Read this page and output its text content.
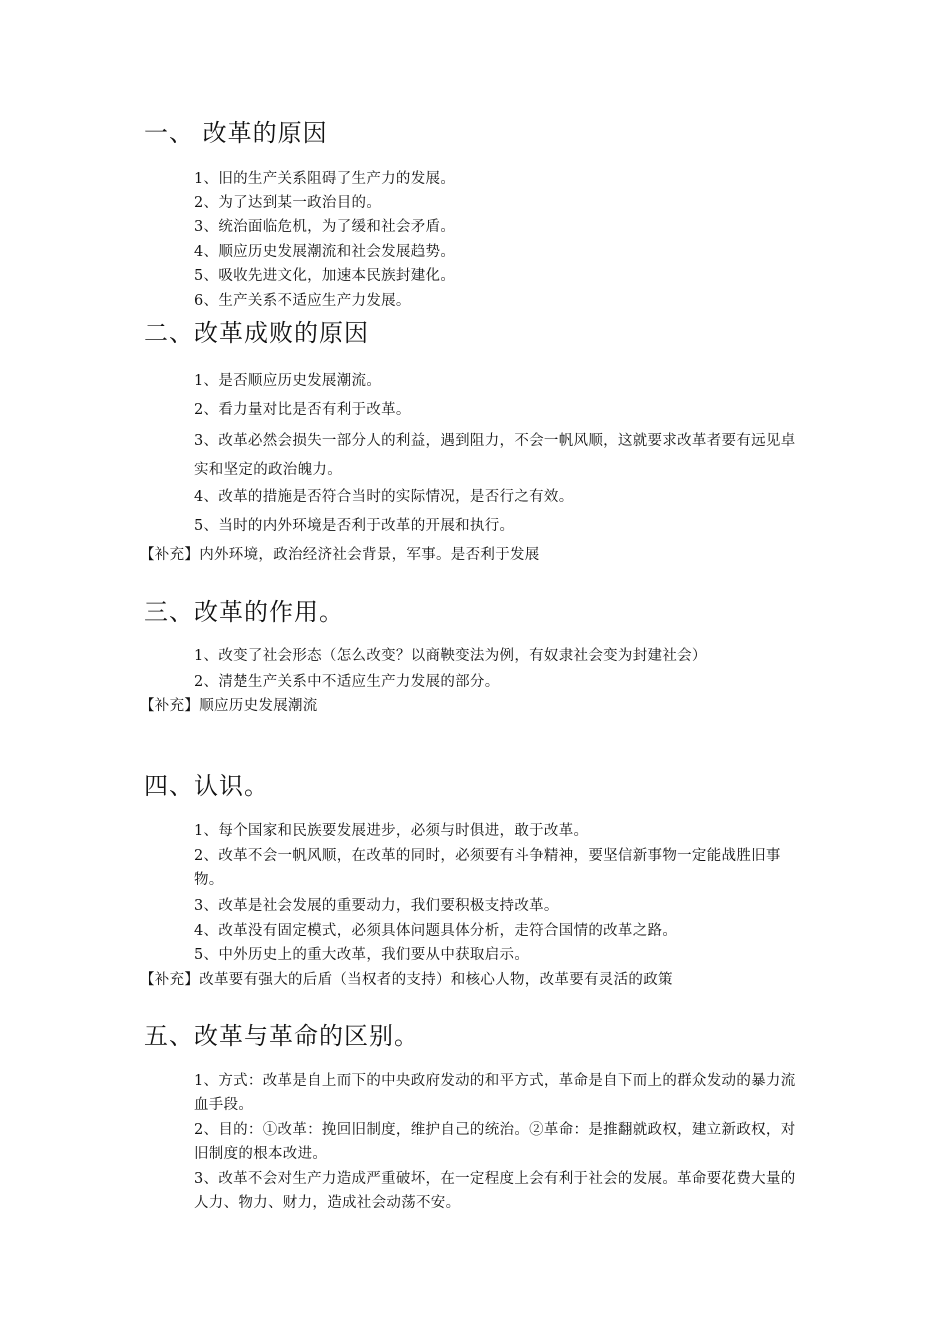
一、 改革的原因
1、旧的生产关系阻碍了生产力的发展。
2、为了达到某一政治目的。
3、统治面临危机，为了缓和社会矛盾。
4、顺应历史发展潮流和社会发展趋势。
5、吸收先进文化，加速本民族封建化。
6、生产关系不适应生产力发展。
二、改革成败的原因
1、是否顺应历史发展潮流。
2、看力量对比是否有利于改革。
3、改革必然会损失一部分人的利益，遇到阻力，不会一帆风顺，这就要求改革者要有远见卓实和坚定的政治魄力。
4、改革的措施是否符合当时的实际情况，是否行之有效。
5、当时的内外环境是否利于改革的开展和执行。
【补充】内外环境，政治经济社会背景，军事。是否利于发展
三、改革的作用。
1、改变了社会形态（怎么改变？以商鞅变法为例，有奴隶社会变为封建社会）
2、清楚生产关系中不适应生产力发展的部分。
【补充】顺应历史发展潮流
四、认识。
1、每个国家和民族要发展进步，必须与时俱进，敢于改革。
2、改革不会一帆风顺，在改革的同时，必须要有斗争精神，要坚信新事物一定能战胜旧事物。
3、改革是社会发展的重要动力，我们要积极支持改革。
4、改革没有固定模式，必须具体问题具体分析，走符合国情的改革之路。
5、中外历史上的重大改革，我们要从中获取启示。
【补充】改革要有强大的后盾（当权者的支持）和核心人物，改革要有灵活的政策
五、改革与革命的区别。
1、方式：改革是自上而下的中央政府发动的和平方式，革命是自下而上的群众发动的暴力流血手段。
2、目的：①改革：挽回旧制度，维护自己的统治。②革命：是推翻就政权，建立新政权，对旧制度的根本改进。
3、改革不会对生产力造成严重破坏，在一定程度上会有利于社会的发展。革命要花费大量的人力、物力、财力，造成社会动荡不安。
